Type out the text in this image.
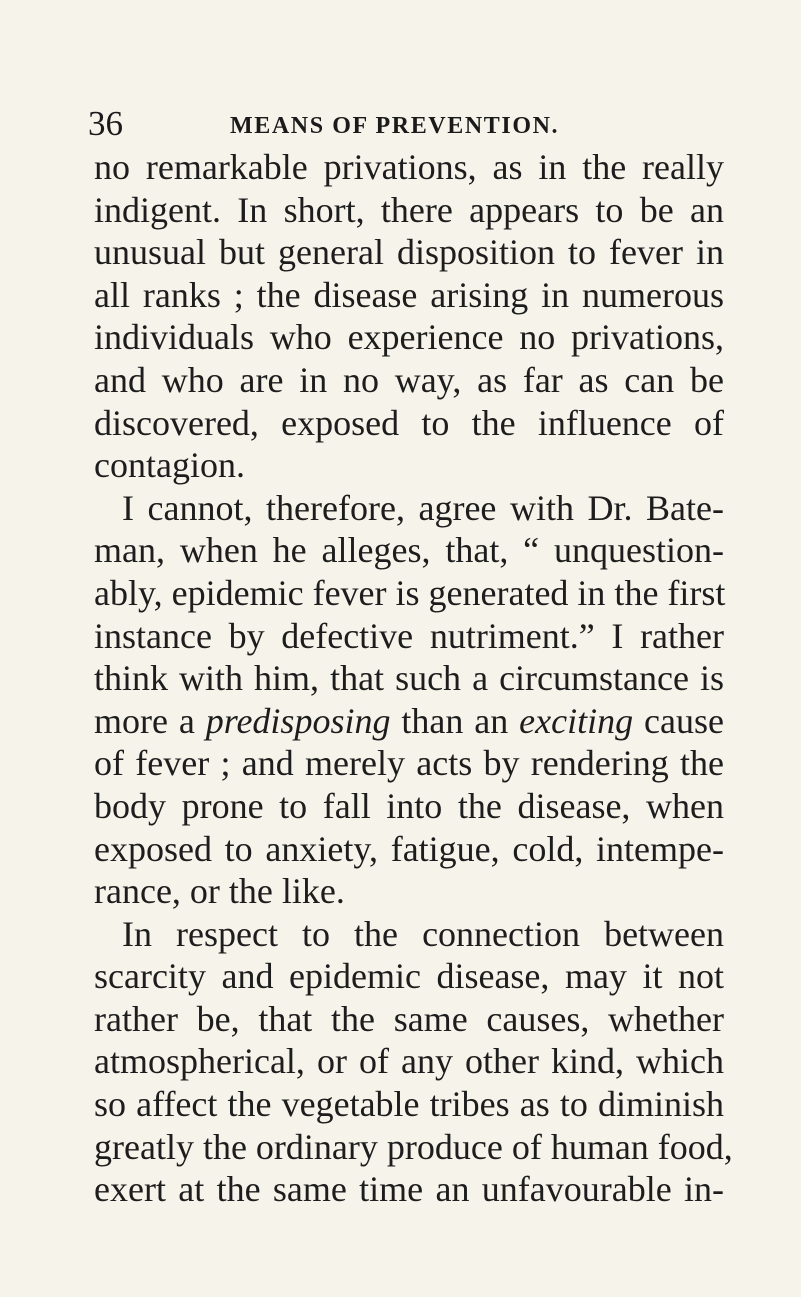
36	MEANS OF PREVENTION.
no remarkable privations, as in the really
indigent. In short, there appears to be an
unusual but general disposition to fever in
all ranks ; the disease arising in numerous
individuals who experience no privations,
and who are in no way, as far as can be
discovered, exposed to the influence of
contagion.
I cannot, therefore, agree with Dr. Bate-
man, when he alleges, that, “ unquestion-
ably, epidemic fever is generated in the first
instance by defective nutriment.” I rather
think with him, that such a circumstance is
more a predisposing than an exciting cause
of fever ; and merely acts by rendering the
body prone to fall into the disease, when
exposed to anxiety, fatigue, cold, intempe-
rance, or the like.
In respect to the connection between
scarcity and epidemic disease, may it not
rather be, that the same causes, whether
atmospherical, or of any other kind, which
so affect the vegetable tribes as to diminish
greatly the ordinary produce of human food,
exert at the same time an unfavourable in-
